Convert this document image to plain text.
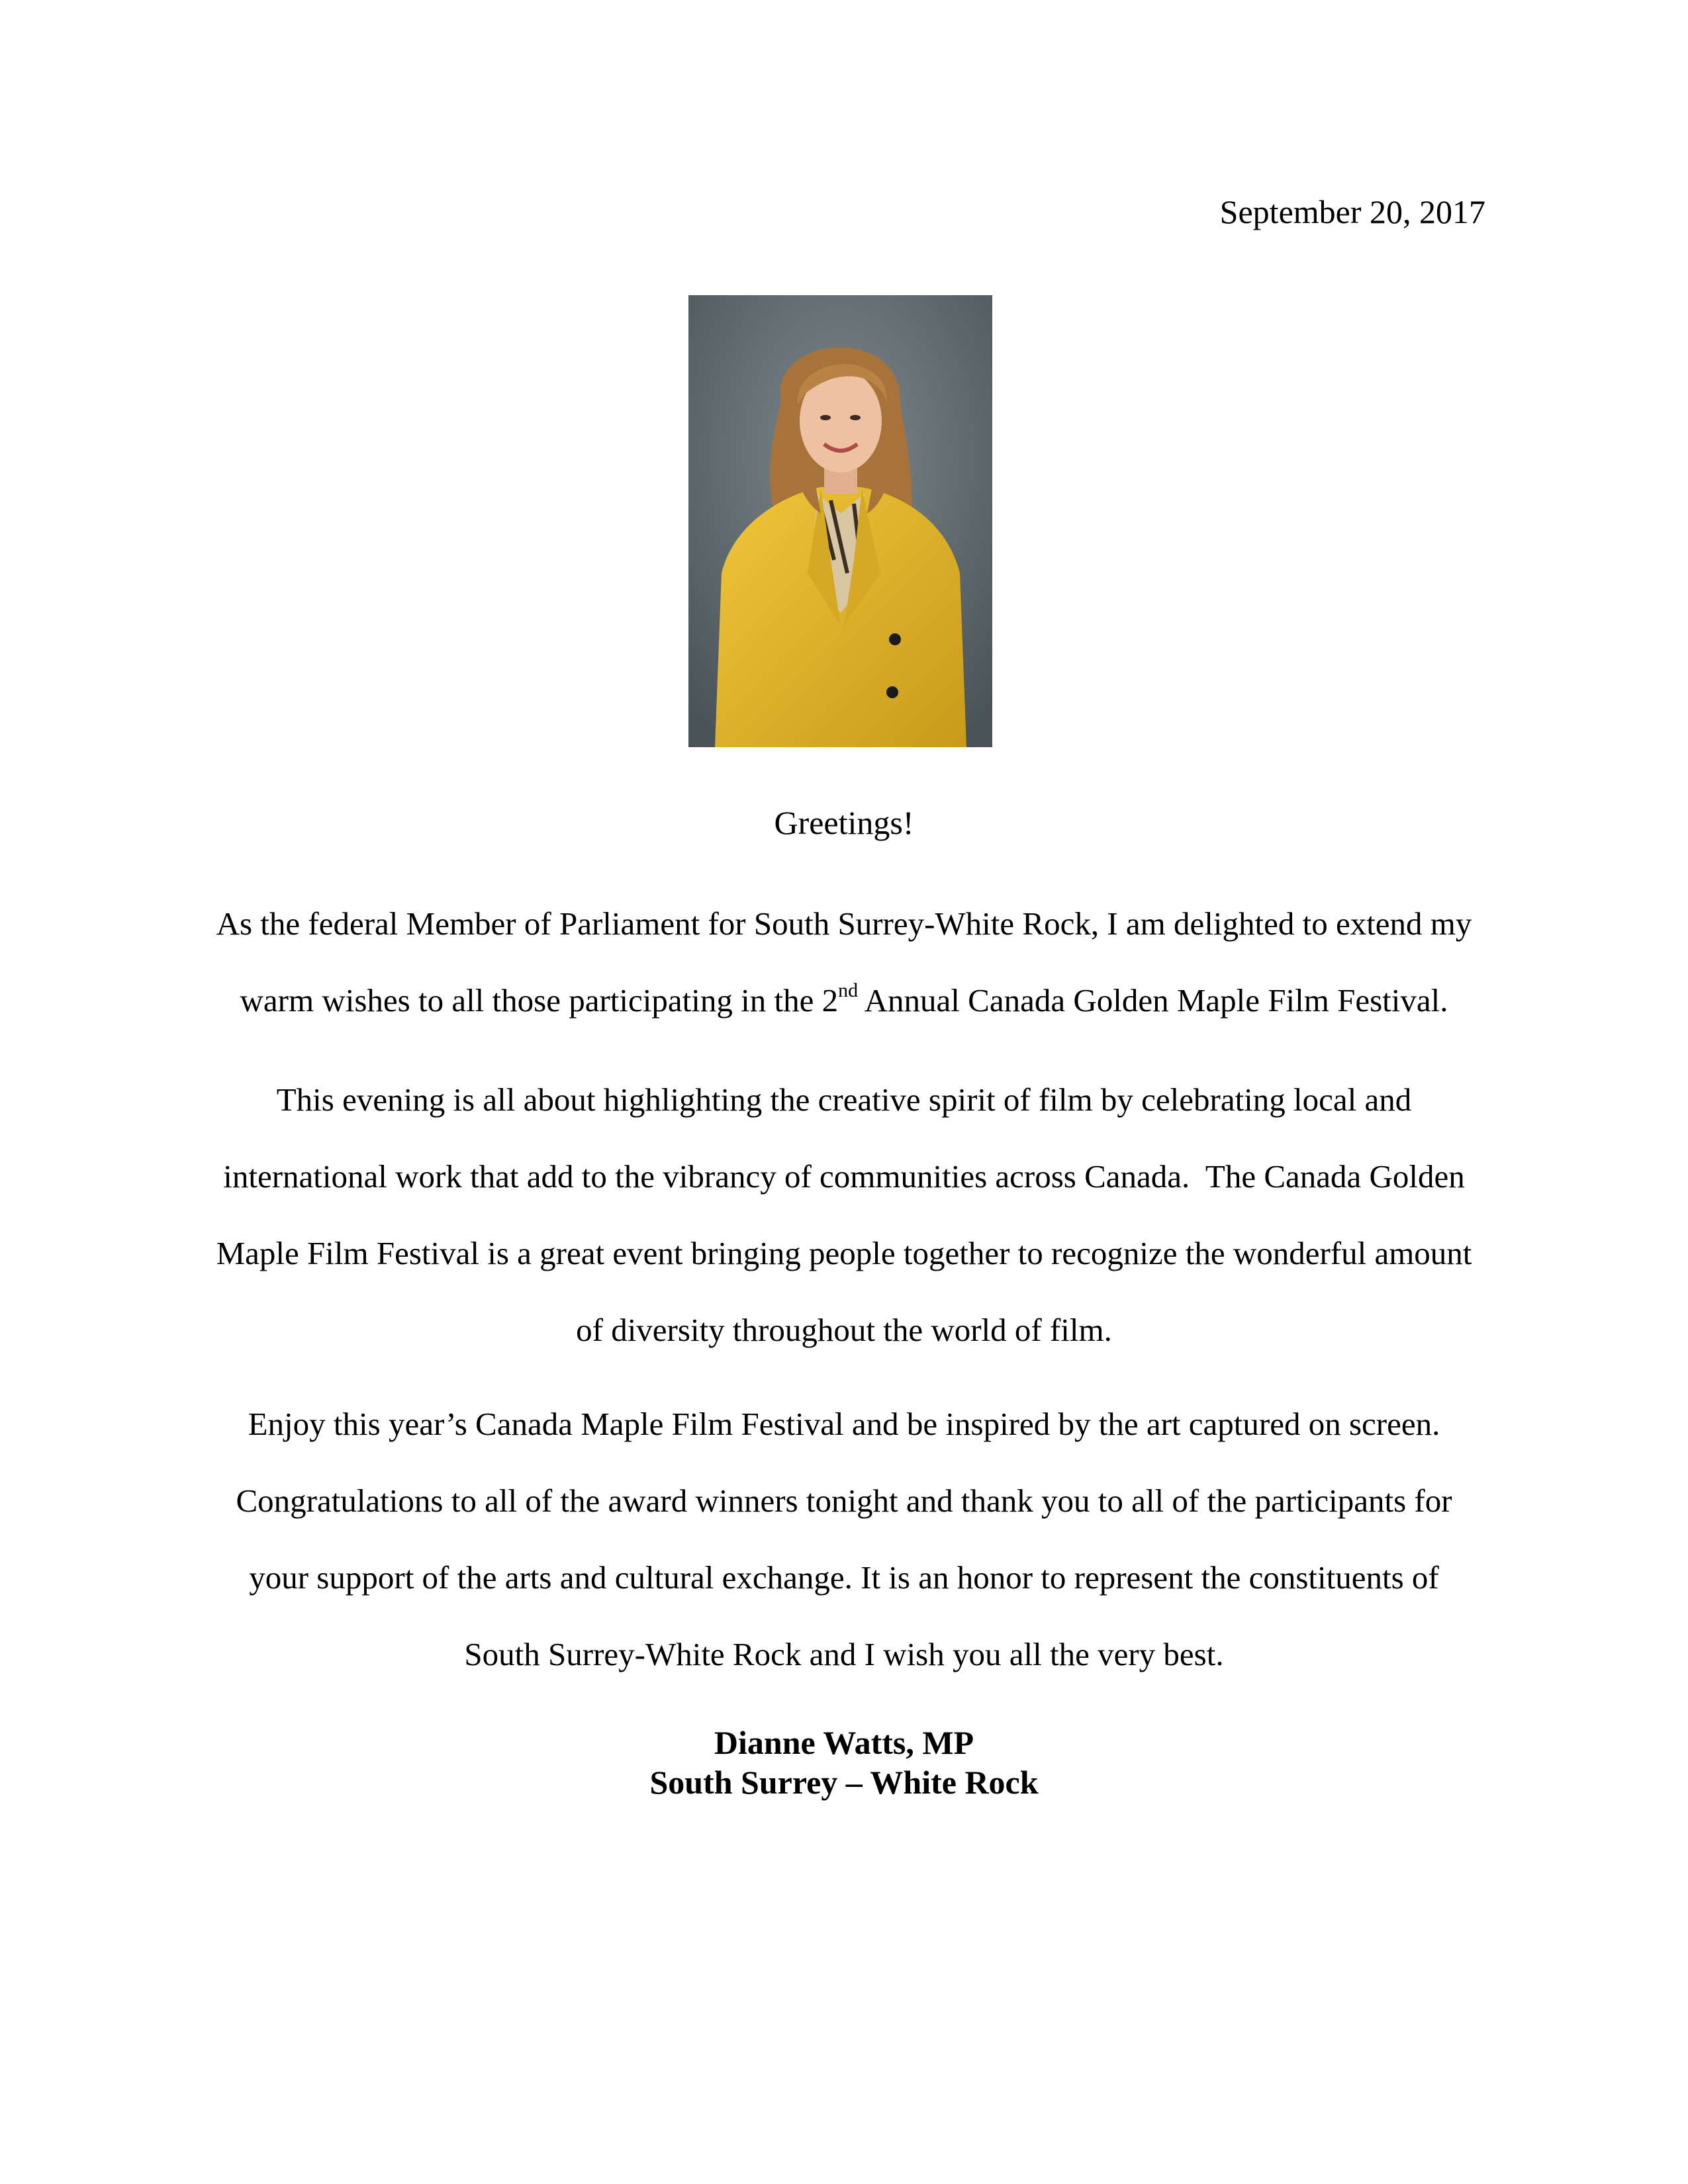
September 20, 2017
Greetings!

As the federal Member of Parliament for South Surrey-White Rock, I am delighted to extend my
warm wishes to all those participating in the 2nd Annual Canada Golden Maple Film Festival.

This evening is all about highlighting the creative spirit of film by celebrating local and
international work that add to the vibrancy of communities across Canada.  The Canada Golden
Maple Film Festival is a great event bringing people together to recognize the wonderful amount
of diversity throughout the world of film.

Enjoy this year’s Canada Maple Film Festival and be inspired by the art captured on screen.
Congratulations to all of the award winners tonight and thank you to all of the participants for
your support of the arts and cultural exchange. It is an honor to represent the constituents of
South Surrey-White Rock and I wish you all the very best.

Dianne Watts, MP
South Surrey – White Rock
